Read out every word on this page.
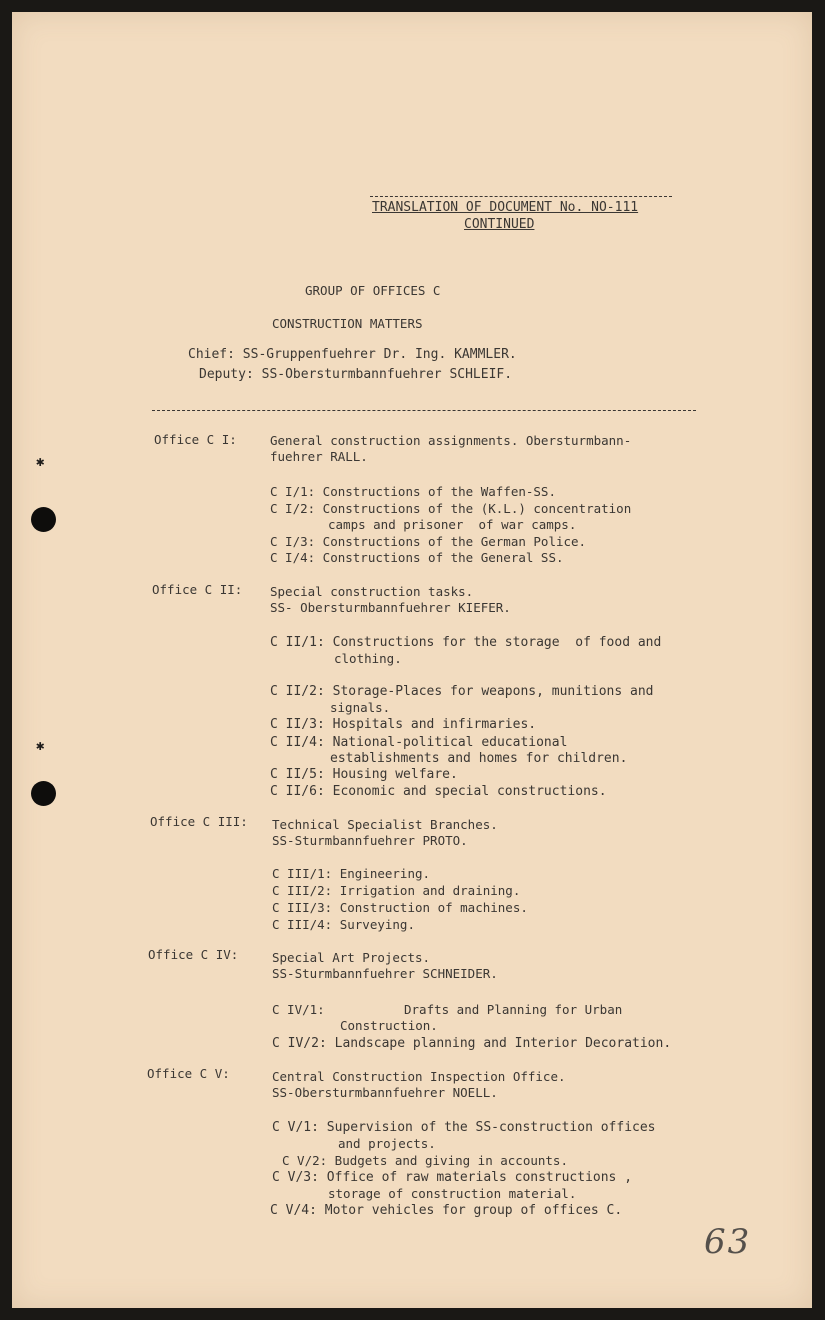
✱
✱
TRANSLATION OF DOCUMENT No. NO-111
CONTINUED
GROUP OF OFFICES C
CONSTRUCTION MATTERS
Chief: SS-Gruppenfuehrer Dr. Ing. KAMMLER.
Deputy: SS-Obersturmbannfuehrer SCHLEIF.
Office C I:	General construction assignments. Obersturmbann-
fuehrer RALL.
C I/1: Constructions of the Waffen-SS.
C I/2: Constructions of the (K.L.) concentration
camps and prisoner  of war camps.
C I/3: Constructions of the German Police.
C I/4: Constructions of the General SS.
Office C II: Special construction tasks.
SS- Obersturmbannfuehrer KIEFER.
C II/1: Constructions for the storage  of food and
clothing.
C II/2: Storage-Places for weapons, munitions and
signals.
C II/3: Hospitals and infirmaries.
C II/4: National-political educational
establishments and homes for children.
C II/5: Housing welfare.
C II/6: Economic and special constructions.
Office C III: Technical Specialist Branches.
SS-Sturmbannfuehrer PROTO.
C III/1: Engineering.
C III/2: Irrigation and draining.
C III/3: Construction of machines.
C III/4: Surveying.
Office C IV:	Special Art Projects.
SS-Sturmbannfuehrer SCHNEIDER.
C IV/1:	Drafts and Planning for Urban
Construction.
C IV/2: Landscape planning and Interior Decoration.
Office C V:	Central Construction Inspection Office.
SS-Obersturmbannfuehrer NOELL.
C V/1: Supervision of the SS-construction offices
and projects.
C V/2: Budgets and giving in accounts.
C V/3: Office of raw materials constructions ,
storage of construction material.
C V/4: Motor vehicles for group of offices C.
63
